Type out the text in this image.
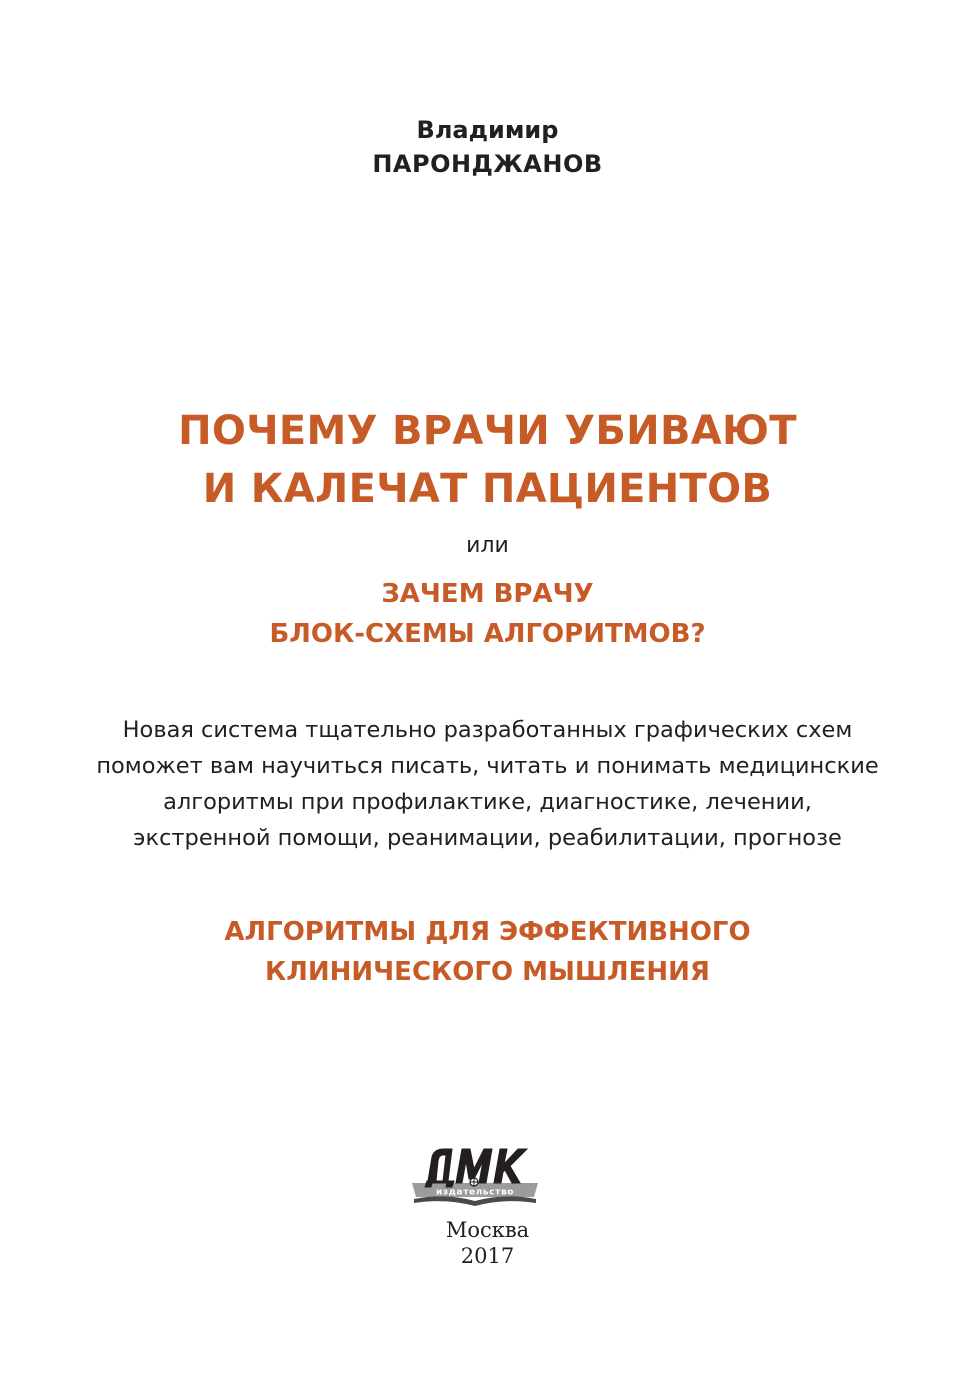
Владимир
ПАРОНДЖАНОВ
ПОЧЕМУ ВРАЧИ УБИВАЮТ
И КАЛЕЧАТ ПАЦИЕНТОВ
или
ЗАЧЕМ ВРАЧУ
БЛОК-СХЕМЫ АЛГОРИТМОВ?
Новая система тщательно разработанных графических схем
поможет вам научиться писать, читать и понимать медицинские
алгоритмы при профилактике, диагностике, лечении,
экстренной помощи, реанимации, реабилитации, прогнозе
АЛГОРИТМЫ ДЛЯ ЭФФЕКТИВНОГО
КЛИНИЧЕСКОГО МЫШЛЕНИЯ
издательство
Москва
2017
